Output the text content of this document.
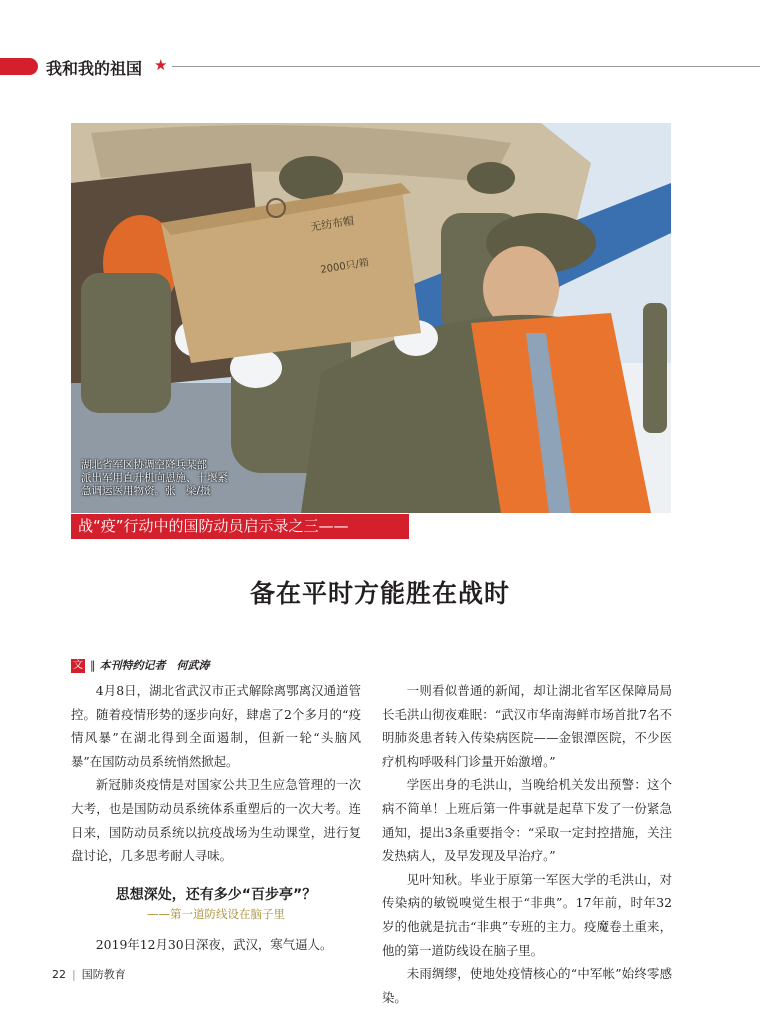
我和我的祖国 ★
无纺布帽
2000只/箱
湖北省军区协调空降兵某部
派出军用直升机向恩施、十堰紧
急调运医用物资。张　梁/摄
战“疫”行动中的国防动员启示录之三——
备在平时方能胜在战时
文 ‖ 本刊特约记者　何武涛

4月8日，湖北省武汉市正式解除离鄂离汉通道管控。随着疫情形势的逐步向好，肆虐了2个多月的“疫情风暴”在湖北得到全面遏制，但新一轮“头脑风暴”在国防动员系统悄然掀起。

新冠肺炎疫情是对国家公共卫生应急管理的一次大考，也是国防动员系统体系重塑后的一次大考。连日来，国防动员系统以抗疫战场为生动课堂，进行复盘讨论，几多思考耐人寻味。

思想深处，还有多少“百步亭”？
——第一道防线设在脑子里

2019年12月30日深夜，武汉，寒气逼人。

一则看似普通的新闻，却让湖北省军区保障局局长毛洪山彻夜难眠：“武汉市华南海鲜市场首批7名不明肺炎患者转入传染病医院——金银潭医院，不少医疗机构呼吸科门诊量开始激增。”

学医出身的毛洪山，当晚给机关发出预警：这个病不简单！上班后第一件事就是起草下发了一份紧急通知，提出3条重要指令：“采取一定封控措施，关注发热病人，及早发现及早治疗。”

见叶知秋。毕业于原第一军医大学的毛洪山，对传染病的敏锐嗅觉生根于“非典”。17年前，时年32岁的他就是抗击“非典”专班的主力。疫魔卷土重来，他的第一道防线设在脑子里。

未雨绸缪，使地处疫情核心的“中军帐”始终零感染。

22 | 国防教育
